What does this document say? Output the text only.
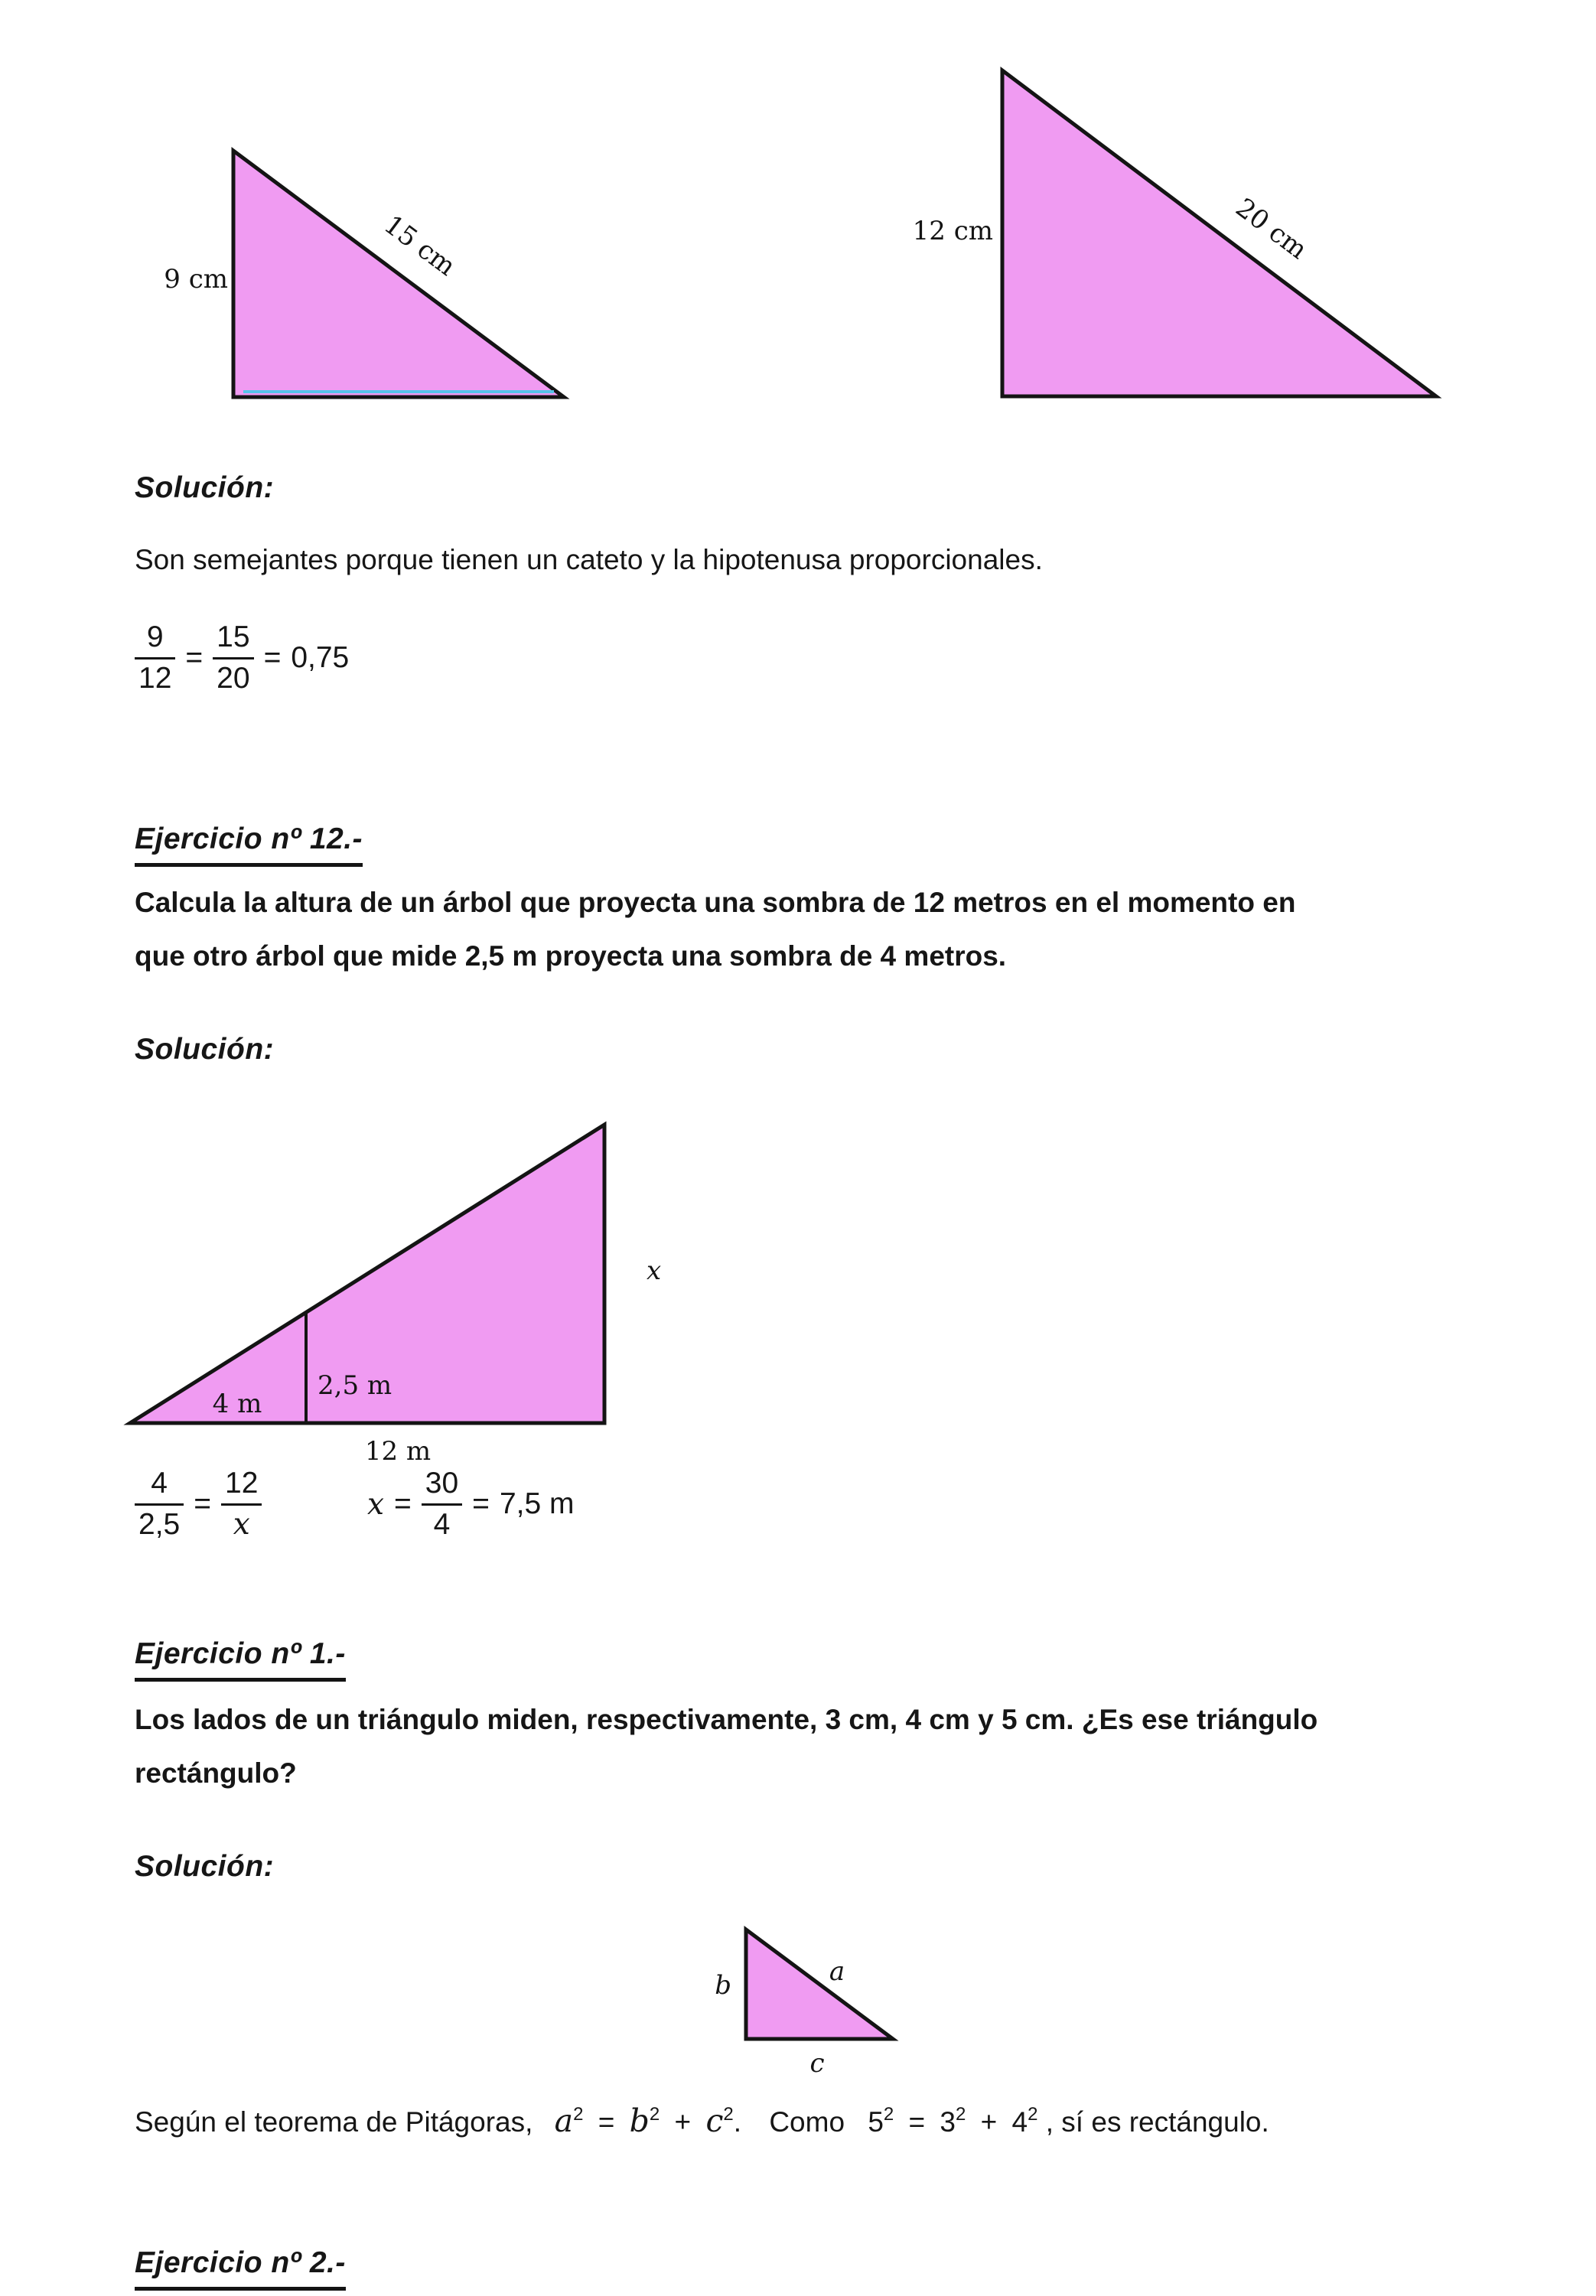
9 cm	15 cm	12 cm	20 cm
Solución:
Son semejantes porque tienen un cateto y la hipotenusa proporcionales.
$\frac{9}{12} = \frac{15}{20} = 0,75$
Ejercicio nº 12.-
Calcula la altura de un árbol que proyecta una sombra de 12 metros en el momento en
que otro árbol que mide 2,5 m proyecta una sombra de 4 metros.
Solución:
4 m
2,5 m
12 m
x
$\frac{4}{2,5} = \frac{12}{x}$	$x = \frac{30}{4} = 7,5$ m
Ejercicio nº 1.-
Los lados de un triángulo miden, respectivamente, 3 cm, 4 cm y 5 cm. ¿Es ese triángulo
rectángulo?
Solución:
b	a
c
Según el teorema de Pitágoras, $a^2 = b^2 + c^2$. Como $5^2 = 3^2 + 4^2$ , sí es rectángulo.
Ejercicio nº 2.-
